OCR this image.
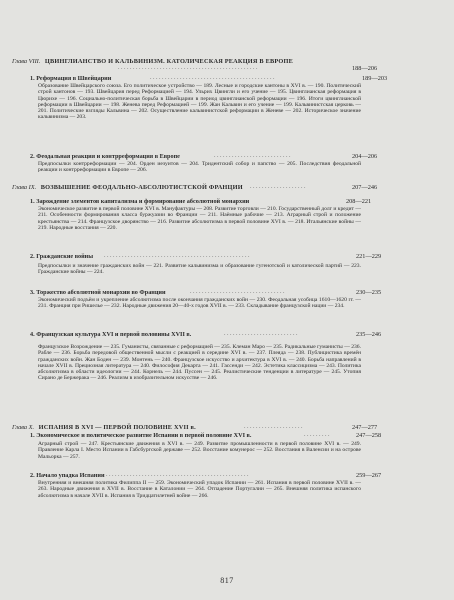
Глава VIII. ЦВИНГЛИАНСТВО И КАЛЬВИНИЗМ. КАТОЛИЧЕСКАЯ РЕАКЦИЯ В ЕВРОПЕ
. . . . . . . . . . . . . . . . . . . . . . . . . . . . . . . . . . . . . . . . . . . . . . .	188—206
1. Реформация в Швейцарии	. . . . . . . . . . . . . . . . . . . . . . . . . . . . . . . . . . . . . . . . . .	189—203
Образование Швейцарского союза. Его политическое устройство — 189. Лесные и городские кантоны в XVI в. — 190. Политический строй кантонов — 193. Швейцария перед Реформацией — 194. Ульрих Цвингли и его учение — 195. Цвинглианская реформация в Цюрихе — 196. Социально-политическая борьба в Швейцарии в период цвинглианской реформации — 196. Итоги цвинглианской реформации в Швейцарии — 198. Женева перед Реформацией — 199. Жан Кальвин и его учение — 199. Кальвинистская церковь — 201. Политические взгляды Кальвина — 202. Осуществление кальвинистской реформации в Женеве — 202. Историческое значение кальвинизма — 203.
2. Феодальная реакция и контрреформация в Европе	. . . . . . . . . . . . . . . . . . . . . . . . . .	204—206
Предпосылки контрреформации — 204. Орден иезуитов — 204. Тридентский собор и папство — 205. Последствия феодальной реакции и контрреформации в Европе — 206.
Глава IX. ВОЗВЫШЕНИЕ ФЕОДАЛЬНО-АБСОЛЮТИСТСКОЙ ФРАНЦИИ	. . . . . . . . . . . . . . . . . . .	207—246
1. Зарождение элементов капитализма и формирование абсолютной монархии	208—221
Экономическое развитие в первой половине XVI в. Мануфактуры — 208. Развитие торговли — 210. Государственный долг и кредит — 211. Особенности формирования класса буржуазии во Франции — 211. Наёмные рабочие — 213. Аграрный строй и положение крестьянства — 214. Французское дворянство — 216. Развитие абсолютизма в первой половине XVI в. — 218. Итальянские войны — 219. Народные восстания — 220.
2. Гражданские войны . . . . . . . . . . . . . . . . . . . . . . . . . . . . . . . . . . . . . . . . . . . . . . . . .	221—229
Предпосылки и значение гражданских войн — 221. Развитие кальвинизма и образование гугенотской и католической партий — 223. Гражданские войны — 224.
3. Торжество абсолютной монархии во Франции	. . . . . . . . . . . . . . . . . . . . . . . . . . . . . . . .	230—235
Экономический подъём и укрепление абсолютизма после окончания гражданских войн — 230. Феодальная усобица 1610—1620 гг. — 231. Франция при Ришелье — 232. Народные движения 20—40-х годов XVII в. — 233. Складывание французской нации — 234.
4. Французская культура XVI и первой половины XVII в.	. . . . . . . . . . . . . . . . . . . . . . . . .	235—246
Французское Возрождение — 235. Гуманисты, связанные с реформацией — 235. Клеман Маро — 235. Радикальные гуманисты — 236. Рабле — 236. Борьба передовой общественной мысли с реакцией в середине XVI в. — 237. Плеяда — 238. Публицистика времён гражданских войн. Жан Боден — 239. Монтень — 240. Французское искусство и архитектура в XVI в. — 240. Борьба направлений в начале XVII в. Прециозная литература — 240. Философия Декарта — 241. Гассенди — 242. Эстетика классицизма — 243. Политика абсолютизма в области идеологии — 244. Корнель — 244. Пуссен — 245. Реалистические тенденции в литературе — 245. Утопия Сирано де Бержерака — 246. Реализм в изобразительном искусстве — 246.
Глава X. ИСПАНИЯ В XVI — ПЕРВОЙ ПОЛОВИНЕ XVII в.	. . . . . . . . . . . . . . . . . . . .	247—277
1. Экономическое и политическое развитие Испании в первой половине XVI в.	. . . . . . . . .	247—258
Аграрный строй — 247. Крестьянские движения в XVI в. — 249. Развитие промышленности в первой половине XVI в. — 249. Правление Карла I. Место Испании в Габсбургской державе — 252. Восстание комунерос — 252. Восстания в Валенсии и на острове Мальорка — 257.
2. Начало упадка Испании . . . . . . . . . . . . . . . . . . . . . . . . . . . . . . . . . . . . . . . . . . . . . . . .	259—267
Внутренняя и внешняя политика Филиппа II — 259. Экономический упадок Испании — 261. Испания в первой половине XVII в. — 263. Народные движения в XVII в. Восстание в Каталонии — 264. Отпадение Португалии — 265. Внешняя политика испанского абсолютизма в начале XVII в. Испания в Тридцатилетней войне — 266.
817
